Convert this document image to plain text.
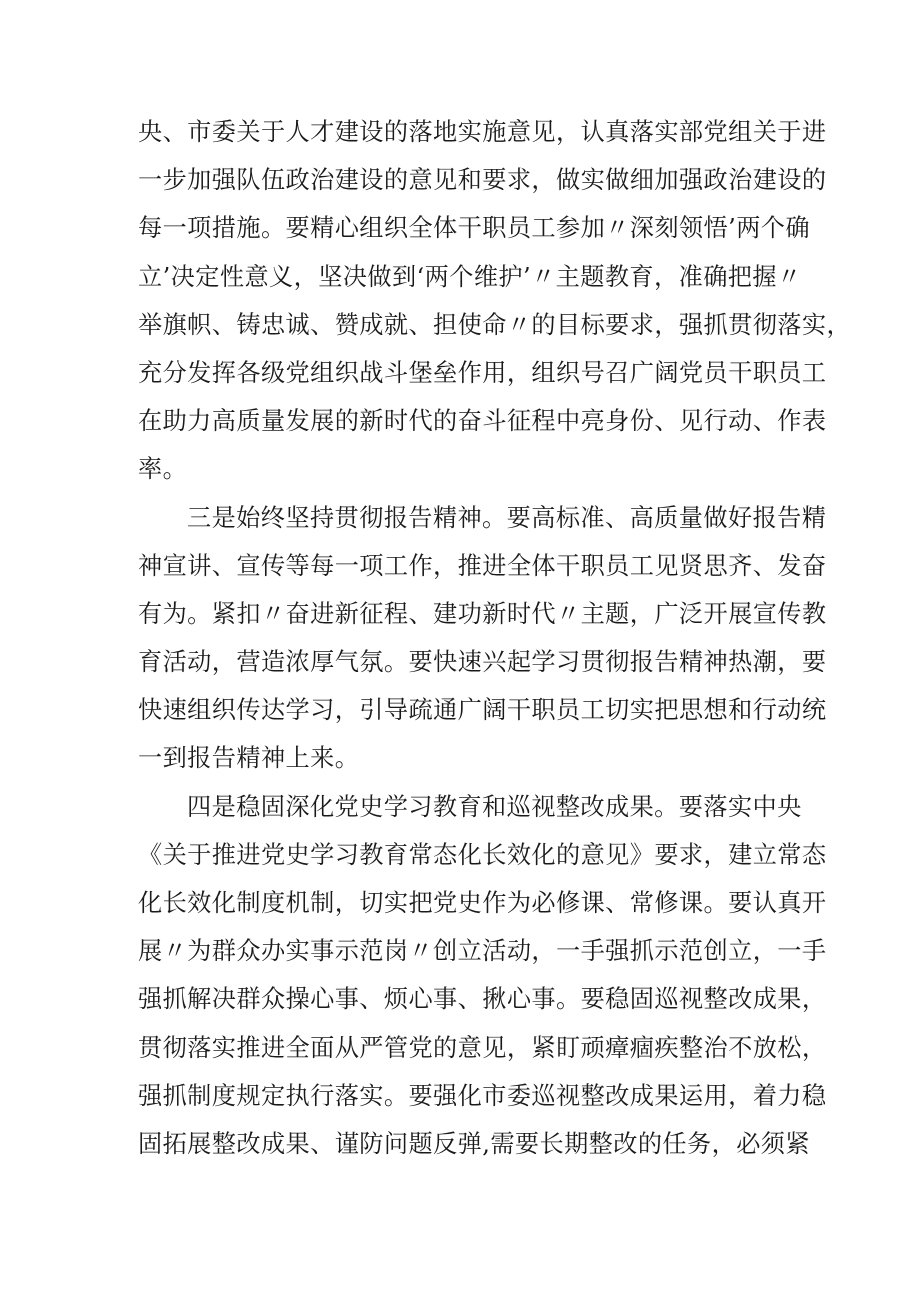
央、市委关于人才建设的落地实施意见，认真落实部党组关于进
一步加强队伍政治建设的意见和要求，做实做细加强政治建设的
每一项措施。要精心组织全体干职员工参加〃深刻领悟’两个确
立’决定性意义，坚决做到‘两个维护’〃主题教育，准确把握〃
举旗帜、铸忠诚、赞成就、担使命〃的目标要求，强抓贯彻落实，
充分发挥各级党组织战斗堡垒作用，组织号召广阔党员干职员工
在助力高质量发展的新时代的奋斗征程中亮身份、见行动、作表
率。
三是始终坚持贯彻报告精神。要高标准、高质量做好报告精
神宣讲、宣传等每一项工作，推进全体干职员工见贤思齐、发奋
有为。紧扣〃奋进新征程、建功新时代〃主题，广泛开展宣传教
育活动，营造浓厚气氛。要快速兴起学习贯彻报告精神热潮，要
快速组织传达学习，引导疏通广阔干职员工切实把思想和行动统
一到报告精神上来。
四是稳固深化党史学习教育和巡视整改成果。要落实中央
《关于推进党史学习教育常态化长效化的意见》要求，建立常态
化长效化制度机制，切实把党史作为必修课、常修课。要认真开
展〃为群众办实事示范岗〃创立活动，一手强抓示范创立，一手
强抓解决群众操心事、烦心事、揪心事。要稳固巡视整改成果，
贯彻落实推进全面从严管党的意见，紧盯顽瘴痼疾整治不放松，
强抓制度规定执行落实。要强化市委巡视整改成果运用，着力稳
固拓展整改成果、谨防问题反弹,需要长期整改的任务，必须紧
